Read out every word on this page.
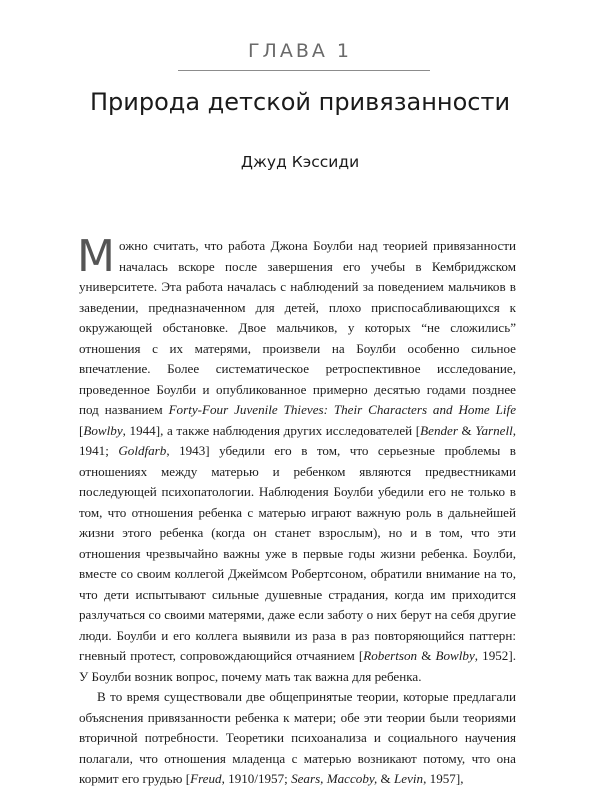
ГЛАВА 1
Природа детской привязанности
Джуд Кэссиди

Можно считать, что работа Джона Боулби над теорией привязанности началась вскоре после завершения его учебы в Кембриджском университете. Эта работа началась с наблюдений за поведением мальчиков в заведении, предназначенном для детей, плохо приспосабливающихся к окружающей обстановке. Двое мальчиков, у которых “не сложились” отношения с их матерями, произвели на Боулби особенно сильное впечатление. Более систематическое ретроспективное исследование, проведенное Боулби и опубликованное примерно десятью годами позднее под названием Forty-Four Juvenile Thieves: Their Characters and Home Life [Bowlby, 1944], а также наблюдения других исследователей [Bender & Yarnell, 1941; Goldfarb, 1943] убедили его в том, что серьезные проблемы в отношениях между матерью и ребенком являются предвестниками последующей психопатологии. Наблюдения Боулби убедили его не только в том, что отношения ребенка с матерью играют важную роль в дальнейшей жизни этого ребенка (когда он станет взрослым), но и в том, что эти отношения чрезвычайно важны уже в первые годы жизни ребенка. Боулби, вместе со своим коллегой Джеймсом Робертсоном, обратили внимание на то, что дети испытывают сильные душевные страдания, когда им приходится разлучаться со своими матерями, даже если заботу о них берут на себя другие люди. Боулби и его коллега выявили из раза в раз повторяющийся паттерн: гневный протест, сопровождающийся отчаянием [Robertson & Bowlby, 1952]. У Боулби возник вопрос, почему мать так важна для ребенка.

В то время существовали две общепринятые теории, которые предлагали объяснения привязанности ребенка к матери; обе эти теории были теориями вторичной потребности. Теоретики психоанализа и социального научения полагали, что отношения младенца с матерью возникают потому, что она кормит его грудью [Freud, 1910/1957; Sears, Maccoby, & Levin, 1957],
